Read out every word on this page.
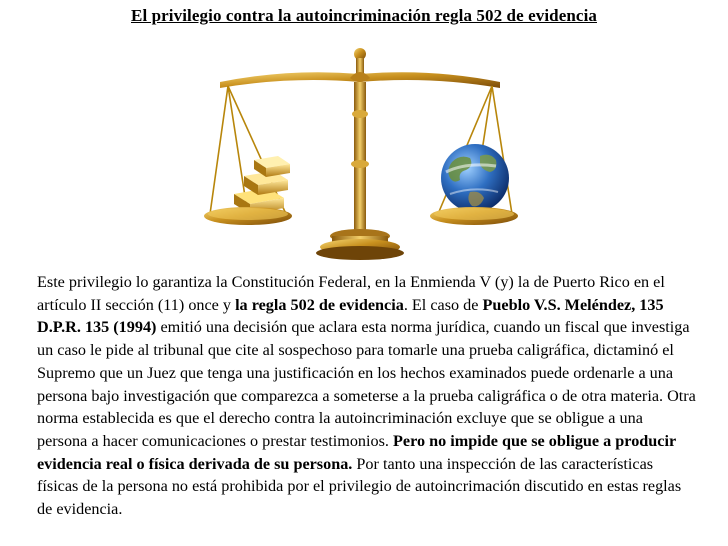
El privilegio contra la autoincriminación regla 502 de evidencia

Este privilegio lo garantiza la Constitución Federal, en la Enmienda V (y) la de Puerto Rico en el artículo II sección (11) once y la regla 502 de evidencia. El caso de Pueblo V.S. Meléndez, 135 D.P.R. 135 (1994) emitió una decisión que aclara esta norma jurídica, cuando un fiscal que investiga un caso le pide al tribunal que cite al sospechoso para tomarle una prueba caligráfica, dictaminó el Supremo que un Juez que tenga una justificación en los hechos examinados puede ordenarle a una persona bajo investigación que comparezca a someterse a la prueba caligráfica o de otra materia. Otra norma establecida es que el derecho contra la autoincriminación excluye que se obligue a una persona a hacer comunicaciones o prestar testimonios. Pero no impide que se obligue a producir evidencia real o física derivada de su persona. Por tanto una inspección de las características físicas de la persona no está prohibida por el privilegio de autoincrimación discutido en estas reglas de evidencia.
